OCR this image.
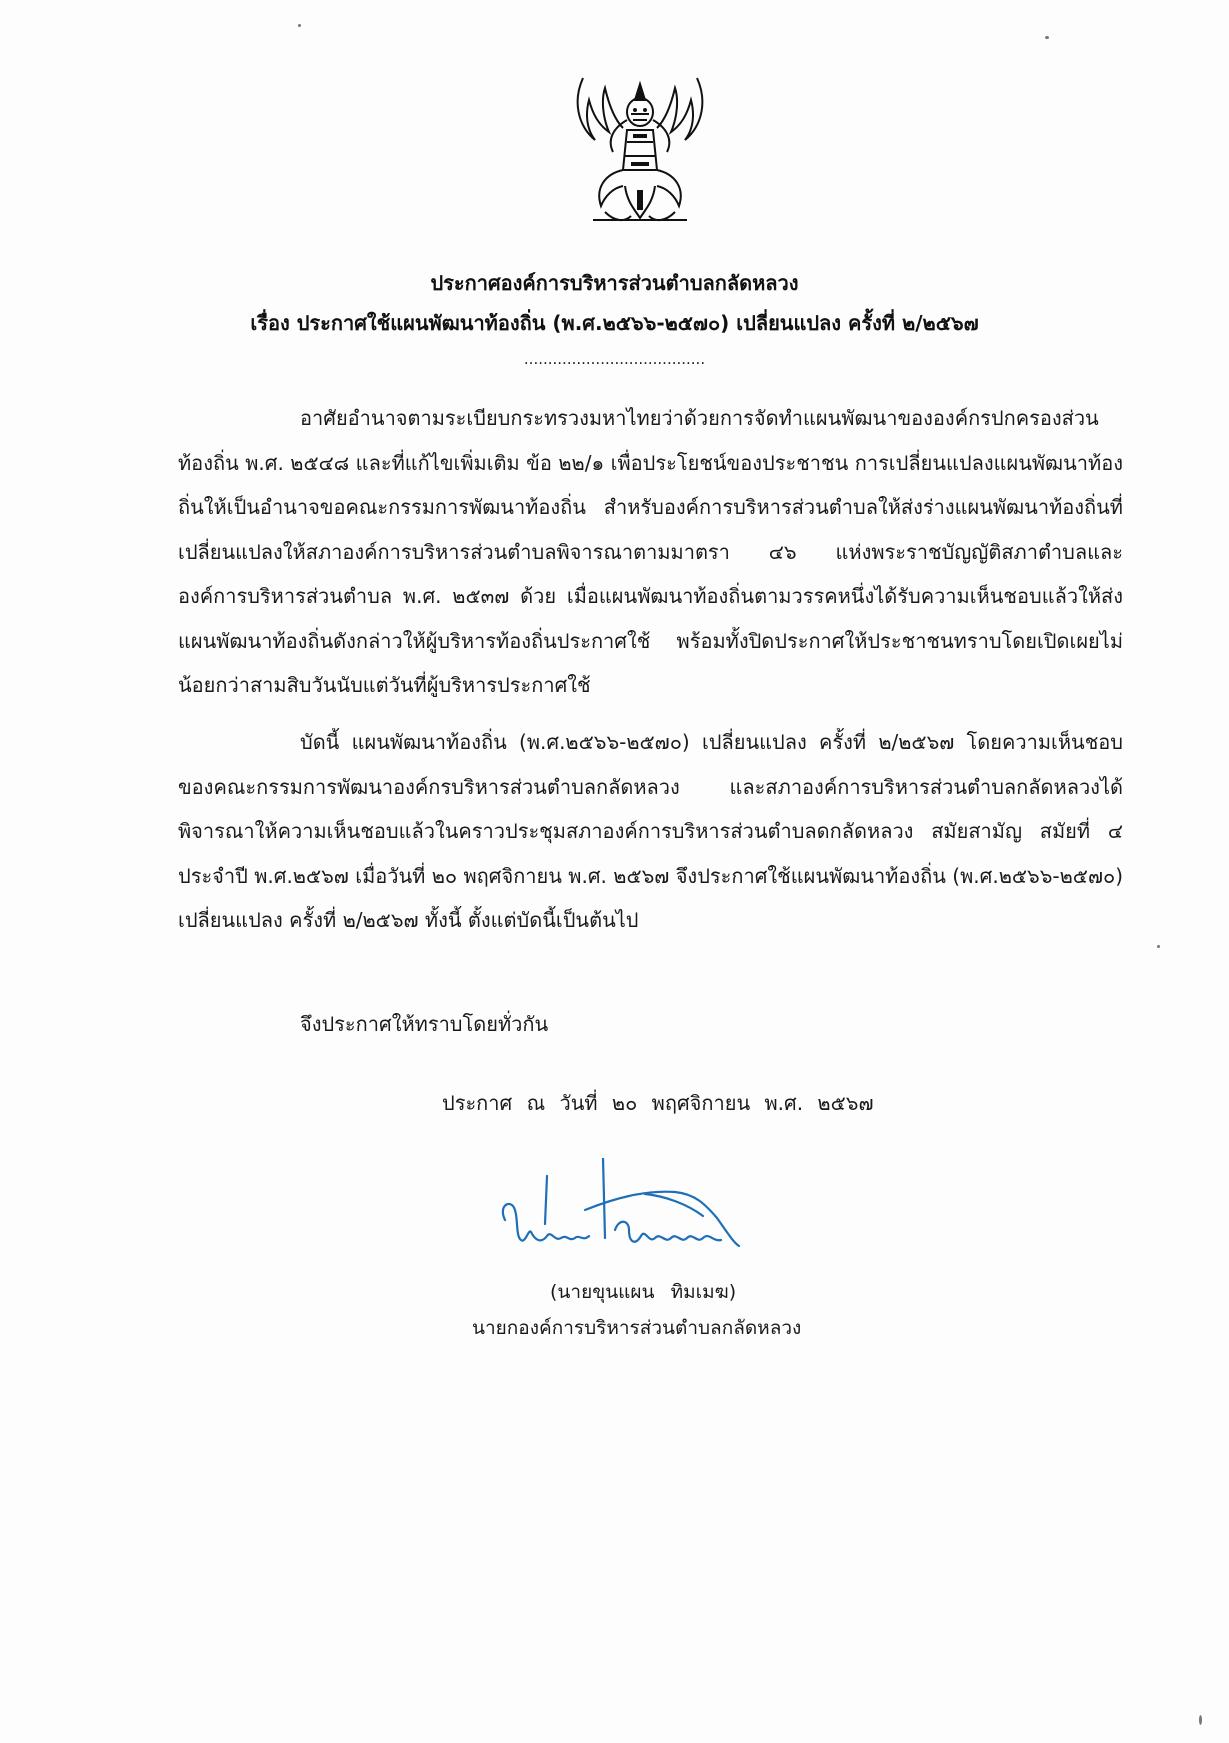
ประกาศองค์การบริหารส่วนตำบลกลัดหลวง
เรื่อง ประกาศใช้แผนพัฒนาท้องถิ่น (พ.ศ.๒๕๖๖-๒๕๗๐) เปลี่ยนแปลง ครั้งที่ ๒/๒๕๖๗
......................................

อาศัยอำนาจตามระเบียบกระทรวงมหาไทยว่าด้วยการจัดทำแผนพัฒนาขององค์กรปกครองส่วนท้องถิ่น พ.ศ. ๒๕๔๘ และที่แก้ไขเพิ่มเติม ข้อ ๒๒/๑ เพื่อประโยชน์ของประชาชน การเปลี่ยนแปลงแผนพัฒนาท้องถิ่นให้เป็นอำนาจขอคณะกรรมการพัฒนาท้องถิ่น สำหรับองค์การบริหารส่วนตำบลให้ส่งร่างแผนพัฒนาท้องถิ่นที่เปลี่ยนแปลงให้สภาองค์การบริหารส่วนตำบลพิจารณาตามมาตรา ๔๖ แห่งพระราชบัญญัติสภาตำบลและองค์การบริหารส่วนตำบล พ.ศ. ๒๕๓๗ ด้วย เมื่อแผนพัฒนาท้องถิ่นตามวรรคหนึ่งได้รับความเห็นชอบแล้วให้ส่งแผนพัฒนาท้องถิ่นดังกล่าวให้ผู้บริหารท้องถิ่นประกาศใช้ พร้อมทั้งปิดประกาศให้ประชาชนทราบโดยเปิดเผยไม่น้อยกว่าสามสิบวันนับแต่วันที่ผู้บริหารประกาศใช้

บัดนี้ แผนพัฒนาท้องถิ่น (พ.ศ.๒๕๖๖-๒๕๗๐) เปลี่ยนแปลง ครั้งที่ ๒/๒๕๖๗ โดยความเห็นชอบของคณะกรรมการพัฒนาองค์กรบริหารส่วนตำบลกลัดหลวง และสภาองค์การบริหารส่วนตำบลกลัดหลวงได้พิจารณาให้ความเห็นชอบแล้วในคราวประชุมสภาองค์การบริหารส่วนตำบลดกลัดหลวง สมัยสามัญ สมัยที่ ๔ ประจำปี พ.ศ.๒๕๖๗ เมื่อวันที่ ๒๐ พฤศจิกายน พ.ศ. ๒๕๖๗ จึงประกาศใช้แผนพัฒนาท้องถิ่น (พ.ศ.๒๕๖๖-๒๕๗๐) เปลี่ยนแปลง ครั้งที่ ๒/๒๕๖๗ ทั้งนี้ ตั้งแต่บัดนี้เป็นต้นไป

จึงประกาศให้ทราบโดยทั่วกัน
ประกาศ ณ วันที่ ๒๐ พฤศจิกายน พ.ศ. ๒๕๖๗
(นายขุนแผน ทิมเมฆ)
นายกองค์การบริหารส่วนตำบลกลัดหลวง
